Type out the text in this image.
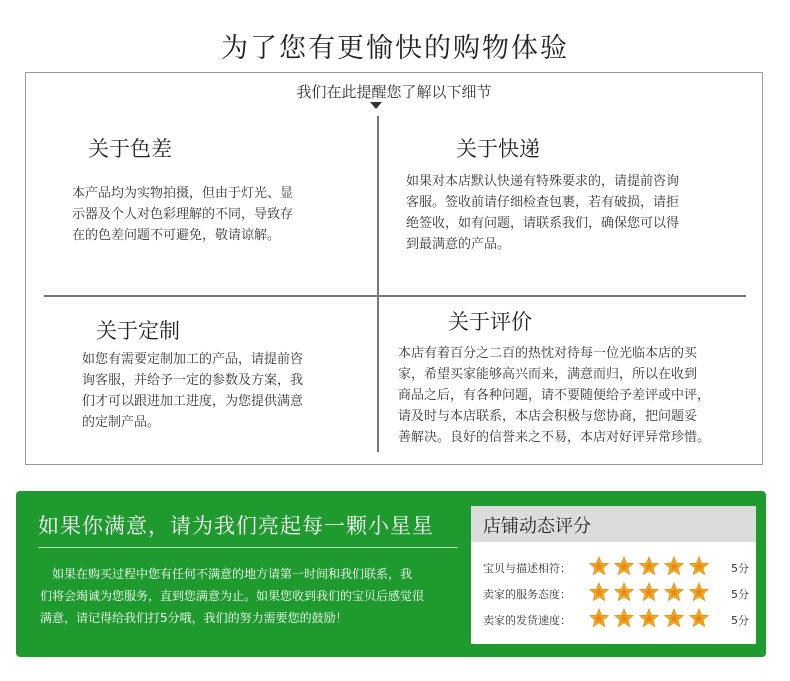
为了您有更愉快的购物体验
我们在此提醒您了解以下细节
关于色差
本产品均为实物拍摄，但由于灯光、显
示器及个人对色彩理解的不同，导致存
在的色差问题不可避免，敬请谅解。
关于快递
如果对本店默认快递有特殊要求的，请提前咨询
客服。签收前请仔细检查包裹，若有破损，请拒
绝签收，如有问题，请联系我们，确保您可以得
到最满意的产品。
关于定制
如您有需要定制加工的产品，请提前咨
询客服，并给予一定的参数及方案，我
们才可以跟进加工进度，为您提供满意
的定制产品。
关于评价
本店有着百分之二百的热忱对待每一位光临本店的买
家，希望买家能够高兴而来，满意而归，所以在收到
商品之后，有各种问题，请不要随便给予差评或中评，
请及时与本店联系，本店会积极与您协商，把问题妥
善解决。良好的信誉来之不易，本店对好评异常珍惜。
如果你满意，请为我们亮起每一颗小星星
如果在购买过程中您有任何不满意的地方请第一时间和我们联系，我
们将会竭诚为您服务，直到您满意为止。如果您收到我们的宝贝后感觉很
满意，请记得给我们打5分哦，我们的努力需要您的鼓励！
店铺动态评分
宝贝与描述相符：	5分
卖家的服务态度：	5分
卖家的发货速度：	5分
